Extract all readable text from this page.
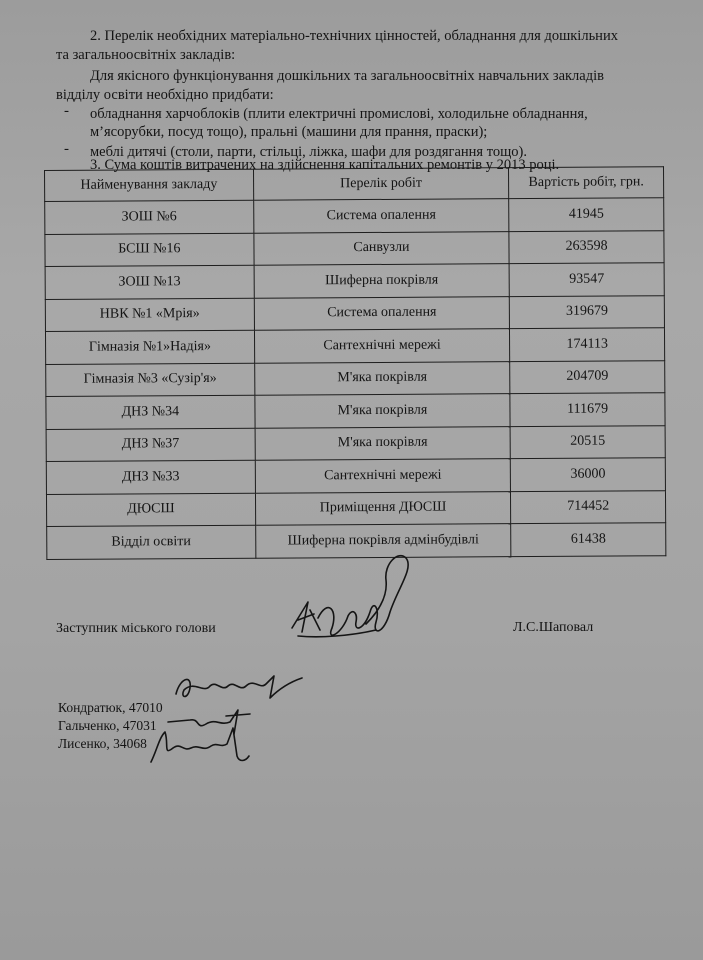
2. Перелік необхідних матеріально-технічних цінностей, обладнання для дошкільних
та загальноосвітніх закладів:
Для якісного функціонування дошкільних та загальноосвітніх навчальних закладів
відділу освіти необхідно придбати:
- обладнання харчоблоків (плити електричні промислові, холодильне обладнання,
м’ясорубки, посуд тощо), пральні (машини для прання, праски);
- меблі дитячі (столи, парти, стільці, ліжка, шафи для роздягання тощо).
3. Сума коштів витрачених на здійснення капітальних ремонтів у 2013 році.
Найменування закладу	Перелік робіт	Вартість робіт, грн.
ЗОШ №6	Система опалення	41945
БСШ №16	Санвузли	263598
ЗОШ №13	Шиферна покрівля	93547
НВК №1 «Мрія»	Система опалення	319679
Гімназія №1»Надія»	Сантехнічні мережі	174113
Гімназія №3 «Сузір'я»	М'яка покрівля	204709
ДНЗ №34	М'яка покрівля	111679
ДНЗ №37	М'яка покрівля	20515
ДНЗ №33	Сантехнічні мережі	36000
ДЮСШ	Приміщення ДЮСШ	714452
Відділ освіти	Шиферна покрівля адмінбудівлі	61438
Заступник міського голови	Л.С.Шаповал
Кондратюк, 47010
Гальченко, 47031
Лисенко, 34068
